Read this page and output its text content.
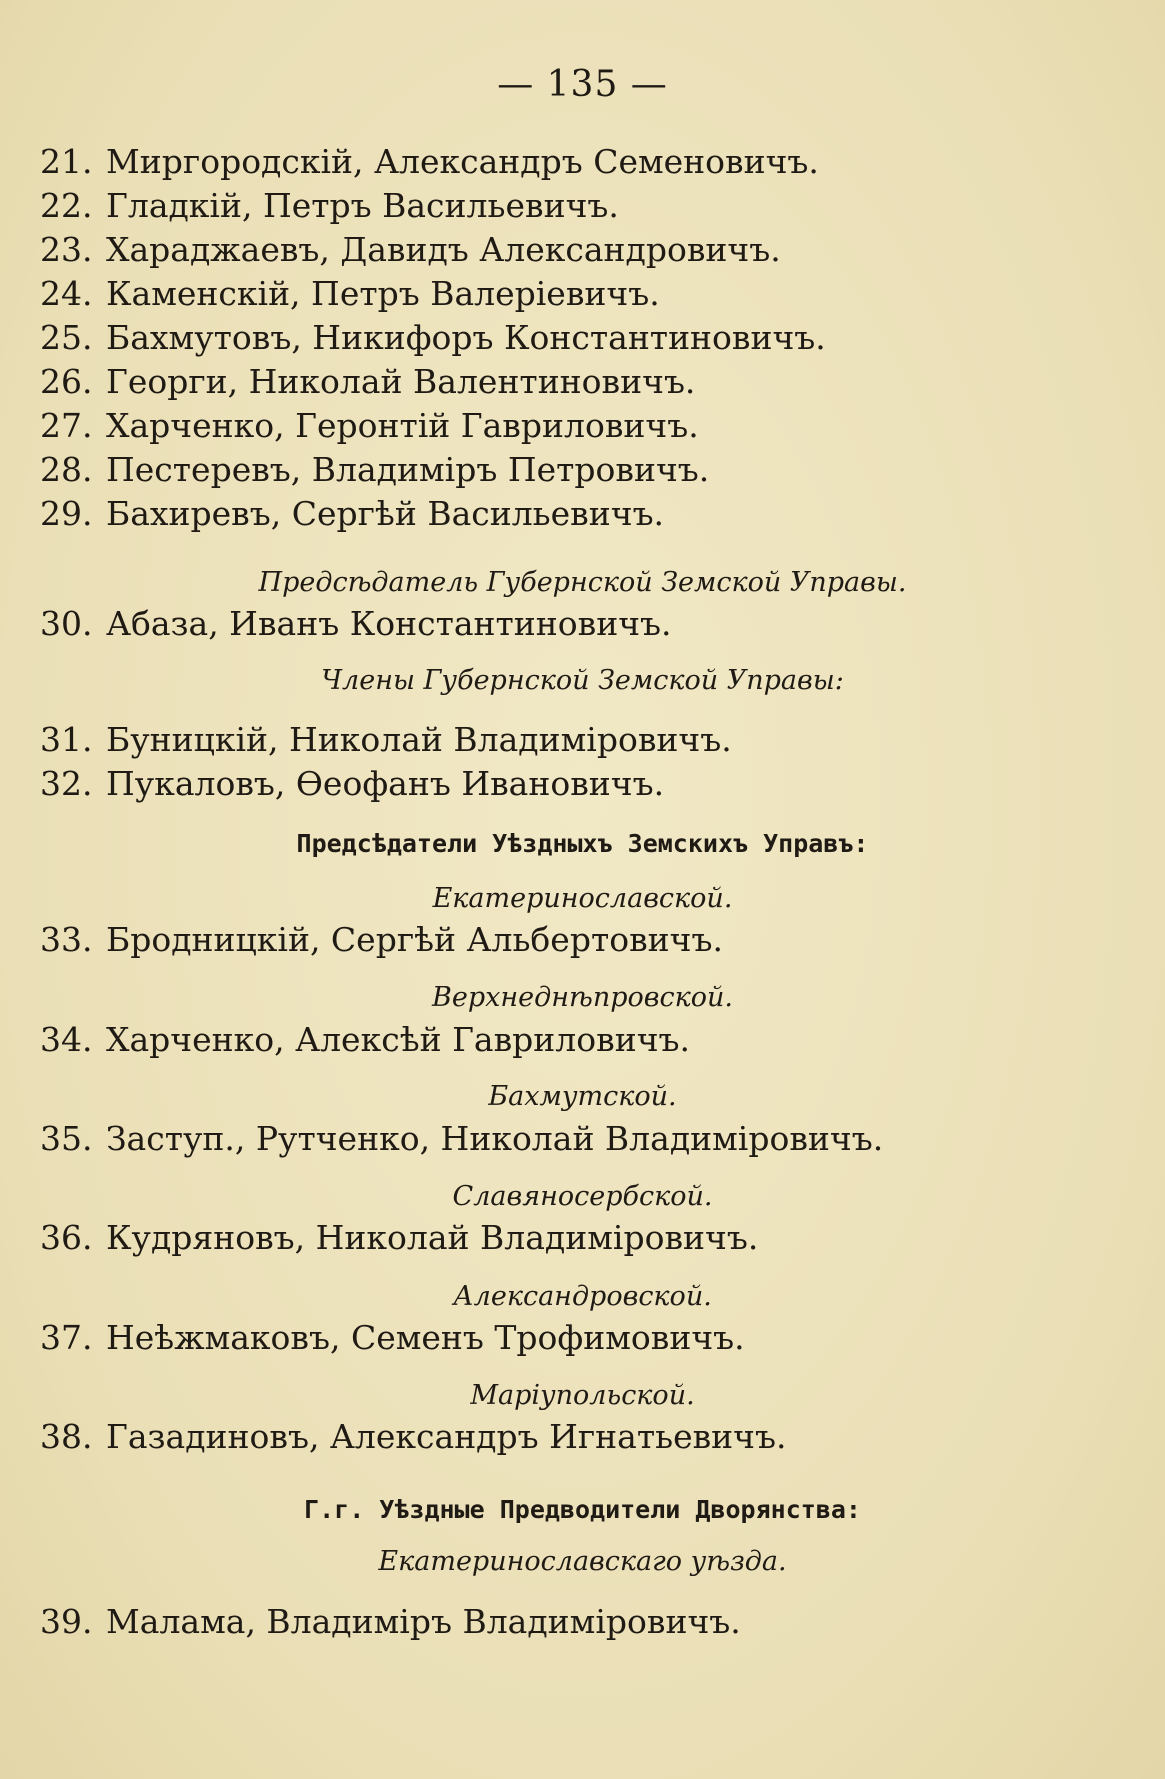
— 135 —
21. Миргородскій, Александръ Семеновичъ.
22. Гладкій, Петръ Васильевичъ.
23. Хараджаевъ, Давидъ Александровичъ.
24. Каменскій, Петръ Валеріевичъ.
25. Бахмутовъ, Никифоръ Константиновичъ.
26. Георги, Николай Валентиновичъ.
27. Харченко, Геронтій Гавриловичъ.
28. Пестеревъ, Владиміръ Петровичъ.
29. Бахиревъ, Сергѣй Васильевичъ.
Предсѣдатель Губернской Земской Управы.
30. Абаза, Иванъ Константиновичъ.
Члены Губернской Земской Управы:
31. Буницкій, Николай Владиміровичъ.
32. Пукаловъ, Ѳеофанъ Ивановичъ.
Предсѣдатели Уѣздныхъ Земскихъ Управъ:
Екатеринославской.
33. Бродницкій, Сергѣй Альбертовичъ.
Верхнеднѣпровской.
34. Харченко, Алексѣй Гавриловичъ.
Бахмутской.
35. Заступ., Рутченко, Николай Владиміровичъ.
Славяносербской.
36. Кудряновъ, Николай Владиміровичъ.
Александровской.
37. Неѣжмаковъ, Семенъ Трофимовичъ.
Маріупольской.
38. Газадиновъ, Александръ Игнатьевичъ.
Г.г. Уѣздные Предводители Дворянства:
Екатеринославскаго уѣзда.
39. Малама, Владиміръ Владиміровичъ.
